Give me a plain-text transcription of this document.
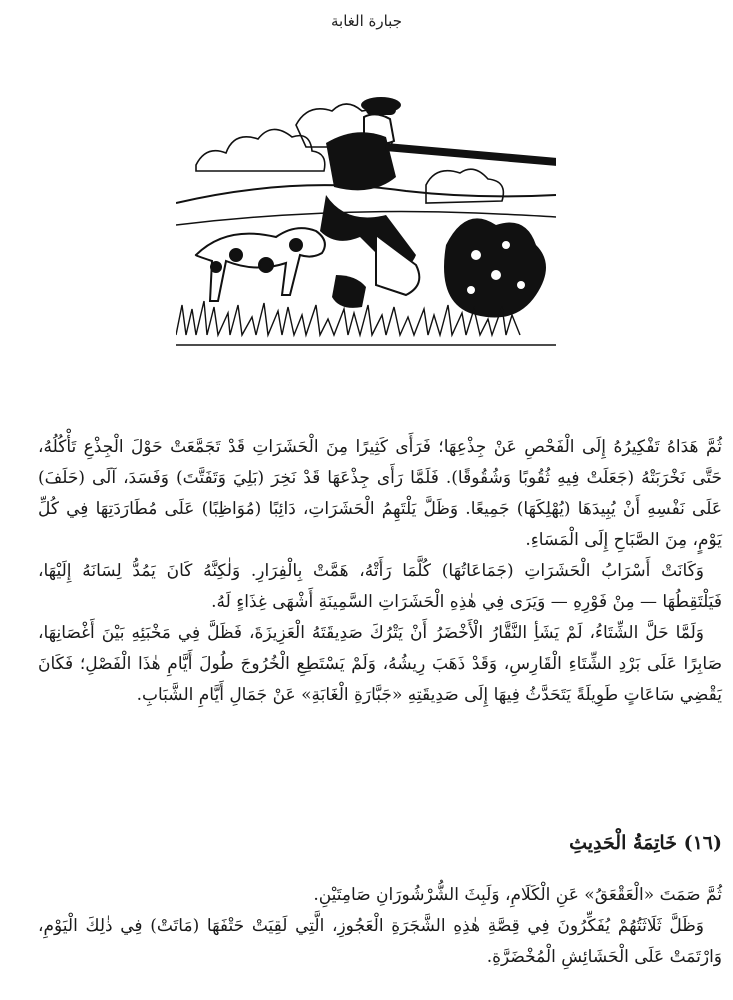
جبارة الغابة

ثُمَّ هَدَاهُ تَفْكِيرُهُ إِلَى الْفَحْصِ عَنْ جِذْعِهَا؛ فَرَأَى كَثِيرًا مِنَ الْحَشَرَاتِ قَدْ تَجَمَّعَتْ حَوْلَ الْجِذْعِ تَأْكُلُهُ، حَتَّى نَخْرَبَتْهُ (جَعَلَتْ فِيهِ ثُقُوبًا وَشُقُوقًا). فَلَمَّا رَأَى جِذْعَهَا قَدْ نَخِرَ (بَلِيَ وَتَفَتَّتَ) وَفَسَدَ، آلَى (حَلَفَ) عَلَى نَفْسِهِ أَنْ يُبِيدَهَا (يُهْلِكَهَا) جَمِيعًا. وَظَلَّ يَلْتَهِمُ الْحَشَرَاتِ، دَائِبًا (مُوَاظِبًا) عَلَى مُطَارَدَتِهَا فِي كُلِّ يَوْمٍ، مِنَ الصَّبَاحِ إِلَى الْمَسَاءِ.

وَكَانَتْ أَسْرَابُ الْحَشَرَاتِ (جَمَاعَاتُهَا) كُلَّمَا رَأَتْهُ، هَمَّتْ بِالْفِرَارِ. وَلٰكِنَّهُ كَانَ يَمُدُّ لِسَانَهُ إِلَيْهَا، فَيَلْتَقِطُهَا — مِنْ فَوْرِهِ — وَيَرَى فِي هٰذِهِ الْحَشَرَاتِ السَّمِينَةِ أَشْهَى غِذَاءٍ لَهُ.

وَلَمَّا حَلَّ الشِّتَاءُ، لَمْ يَشَأِ النَّقَّارُ الْأَخْضَرُ أَنْ يَتْرُكَ صَدِيقَتَهُ الْعَزِيزَةَ، فَظَلَّ فِي مَخْبَئِهِ بَيْنَ أَغْصَانِهَا، صَابِرًا عَلَى بَرْدِ الشِّتَاءِ الْقَارِسِ، وَقَدْ ذَهَبَ رِيشُهُ، وَلَمْ يَسْتَطِعِ الْخُرُوجَ طُولَ أَيَّامِ هٰذَا الْفَصْلِ؛ فَكَانَ يَقْضِي سَاعَاتٍ طَوِيلَةً يَتَحَدَّثُ فِيهَا إِلَى صَدِيقَتِهِ «جَبَّارَةِ الْغَابَةِ» عَنْ جَمَالِ أَيَّامِ الشَّبَابِ.

(١٦) خَاتِمَةُ الْحَدِيثِ

ثُمَّ صَمَتَ «الْعَقْعَقُ» عَنِ الْكَلَامِ، وَلَبِثَ الشُّرْشُورَانِ صَامِتَيْنِ.

وَظَلَّ ثَلَاثَتُهُمْ يُفَكِّرُونَ فِي قِصَّةِ هٰذِهِ الشَّجَرَةِ الْعَجُوزِ، الَّتِي لَقِيَتْ حَتْفَهَا (مَاتَتْ) فِي ذٰلِكَ الْيَوْمِ، وَارْتَمَتْ عَلَى الْحَشَائِشِ الْمُخْضَرَّةِ.
